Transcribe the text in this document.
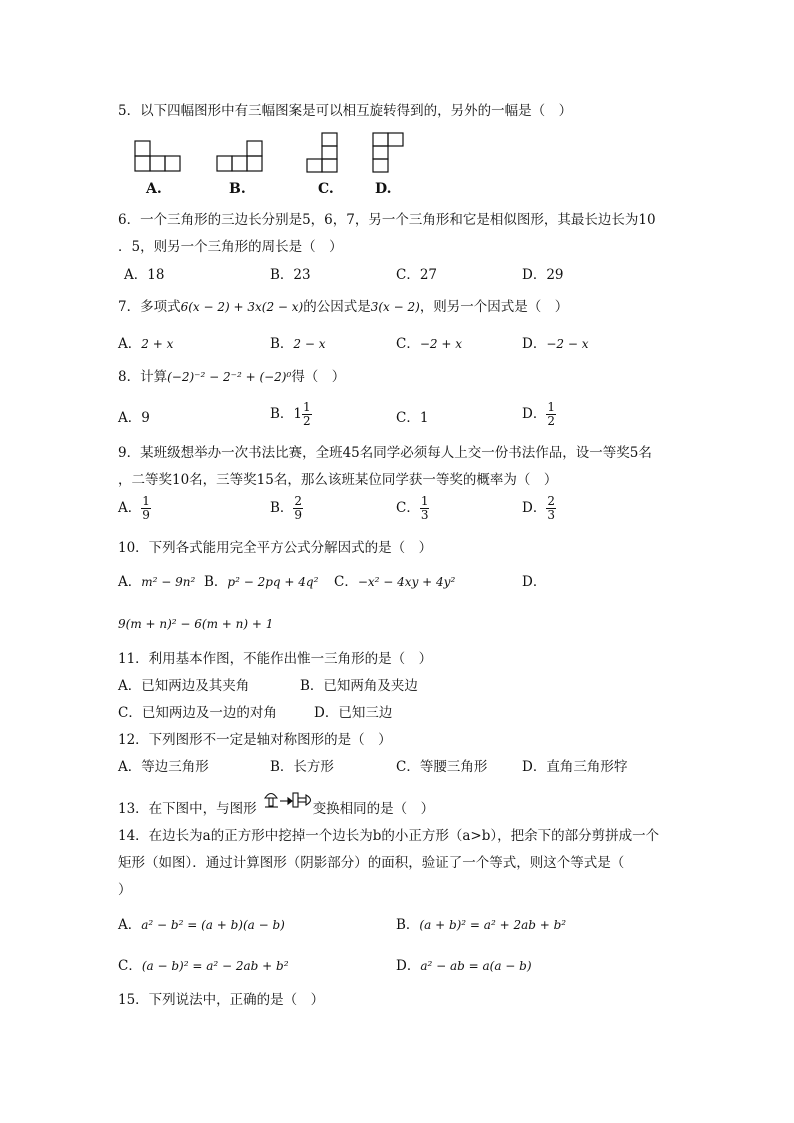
5．以下四幅图形中有三幅图案是可以相互旋转得到的，另外的一幅是（　）
A.	B.	C.	D.
6．一个三角形的三边长分别是5，6，7，另一个三角形和它是相似图形，其最长边长为10
．5，则另一个三角形的周长是（　）
A．18	B．23	C．27	D．29
7．多项式6(x − 2) + 3x(2 − x)的公因式是3(x − 2)，则另一个因式是（　）
A．2 + x	B．2 − x	C．−2 + x	D．−2 − x
8．计算(−2)⁻² − 2⁻² + (−2)⁰得（　）
A．9	B．$1 \frac{1}{2}$	C．1	D． $\frac{1}{2}$
9．某班级想举办一次书法比赛，全班45名同学必须每人上交一份书法作品，设一等奖5名
，二等奖10名，三等奖15名，那么该班某位同学获一等奖的概率为（　）
A． $\frac{1}{9}$	B． $\frac{2}{9}$	C． $\frac{1}{3}$	D． $\frac{2}{3}$
10．下列各式能用完全平方公式分解因式的是（　）
A．m² − 9n² B．p² − 2pq + 4q² C．−x² − 4xy + 4y²	D．
9(m + n)² − 6(m + n) + 1
11．利用基本作图，不能作出惟一三角形的是（　）
A．已知两边及其夹角	B．已知两角及夹边
C．已知两边及一边的对角	D．已知三边
12．下列图形不一定是轴对称图形的是（　）
A．等边三角形	B．长方形	C．等腰三角形	D．直角三角形牸
13．在下图中，与图形	变换相同的是（　）
14．在边长为a的正方形中挖掉一个边长为b的小正方形（a>b），把余下的部分剪拼成一个
矩形（如图）．通过计算图形（阴影部分）的面积，验证了一个等式，则这个等式是（
）
A．a² − b² = (a + b)(a − b)	B．(a + b)² = a² + 2ab + b²
C．(a − b)² = a² − 2ab + b²	D．a² − ab = a(a − b)
15．下列说法中，正确的是（　）
